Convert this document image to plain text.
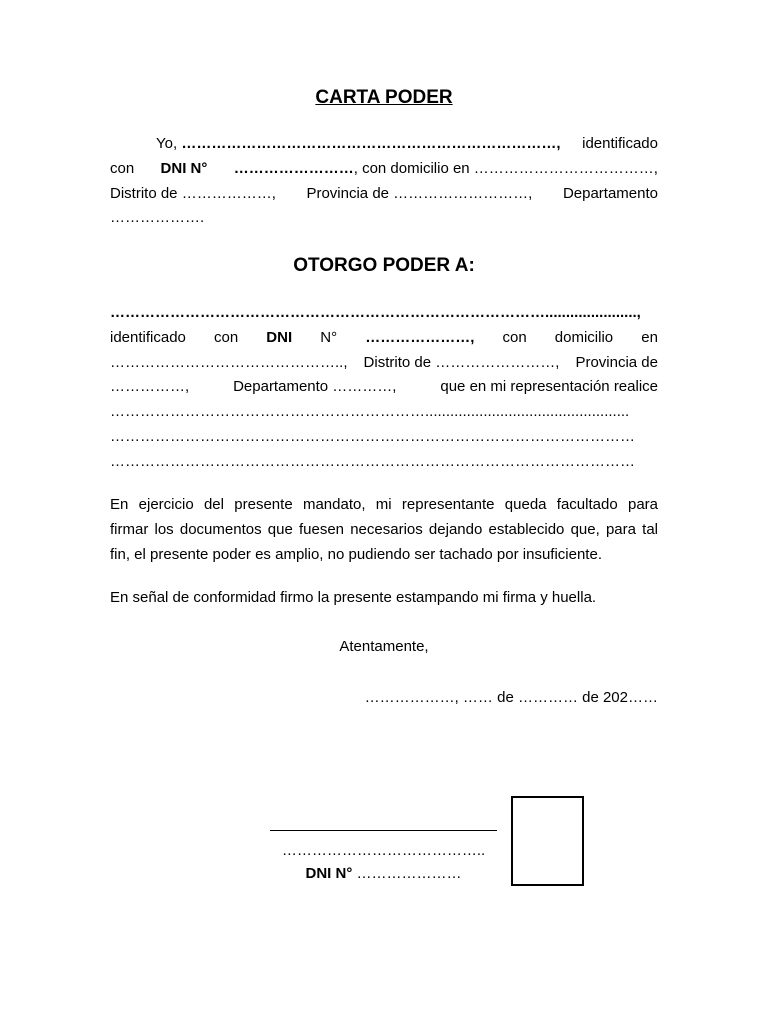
CARTA PODER
Yo, …………………………………………………………………, identificado
con DNI N° ……………………, con domicilio en ………………………………,
Distrito de ………………, Provincia de ………………………, Departamento
……………….
OTORGO PODER A:
……………………………………………………………………………......................,
identificado con DNI N° …………………, con domicilio en
……………………………………….., Distrito de ……………………, Provincia de
……………,	Departamento …………,	que en mi representación realice
……………………………………………………….................................................
……………………………………………………………………………………………
……………………………………………………………………………………………
En ejercicio del presente mandato, mi representante queda facultado para
firmar los documentos que fuesen necesarios dejando establecido que, para tal
fin, el presente poder es amplio, no pudiendo ser tachado por insuficiente.
En señal de conformidad firmo la presente estampando mi firma y huella.
Atentamente,
………………, …… de ………… de 202……
…………………………………..
DNI N° …………………
